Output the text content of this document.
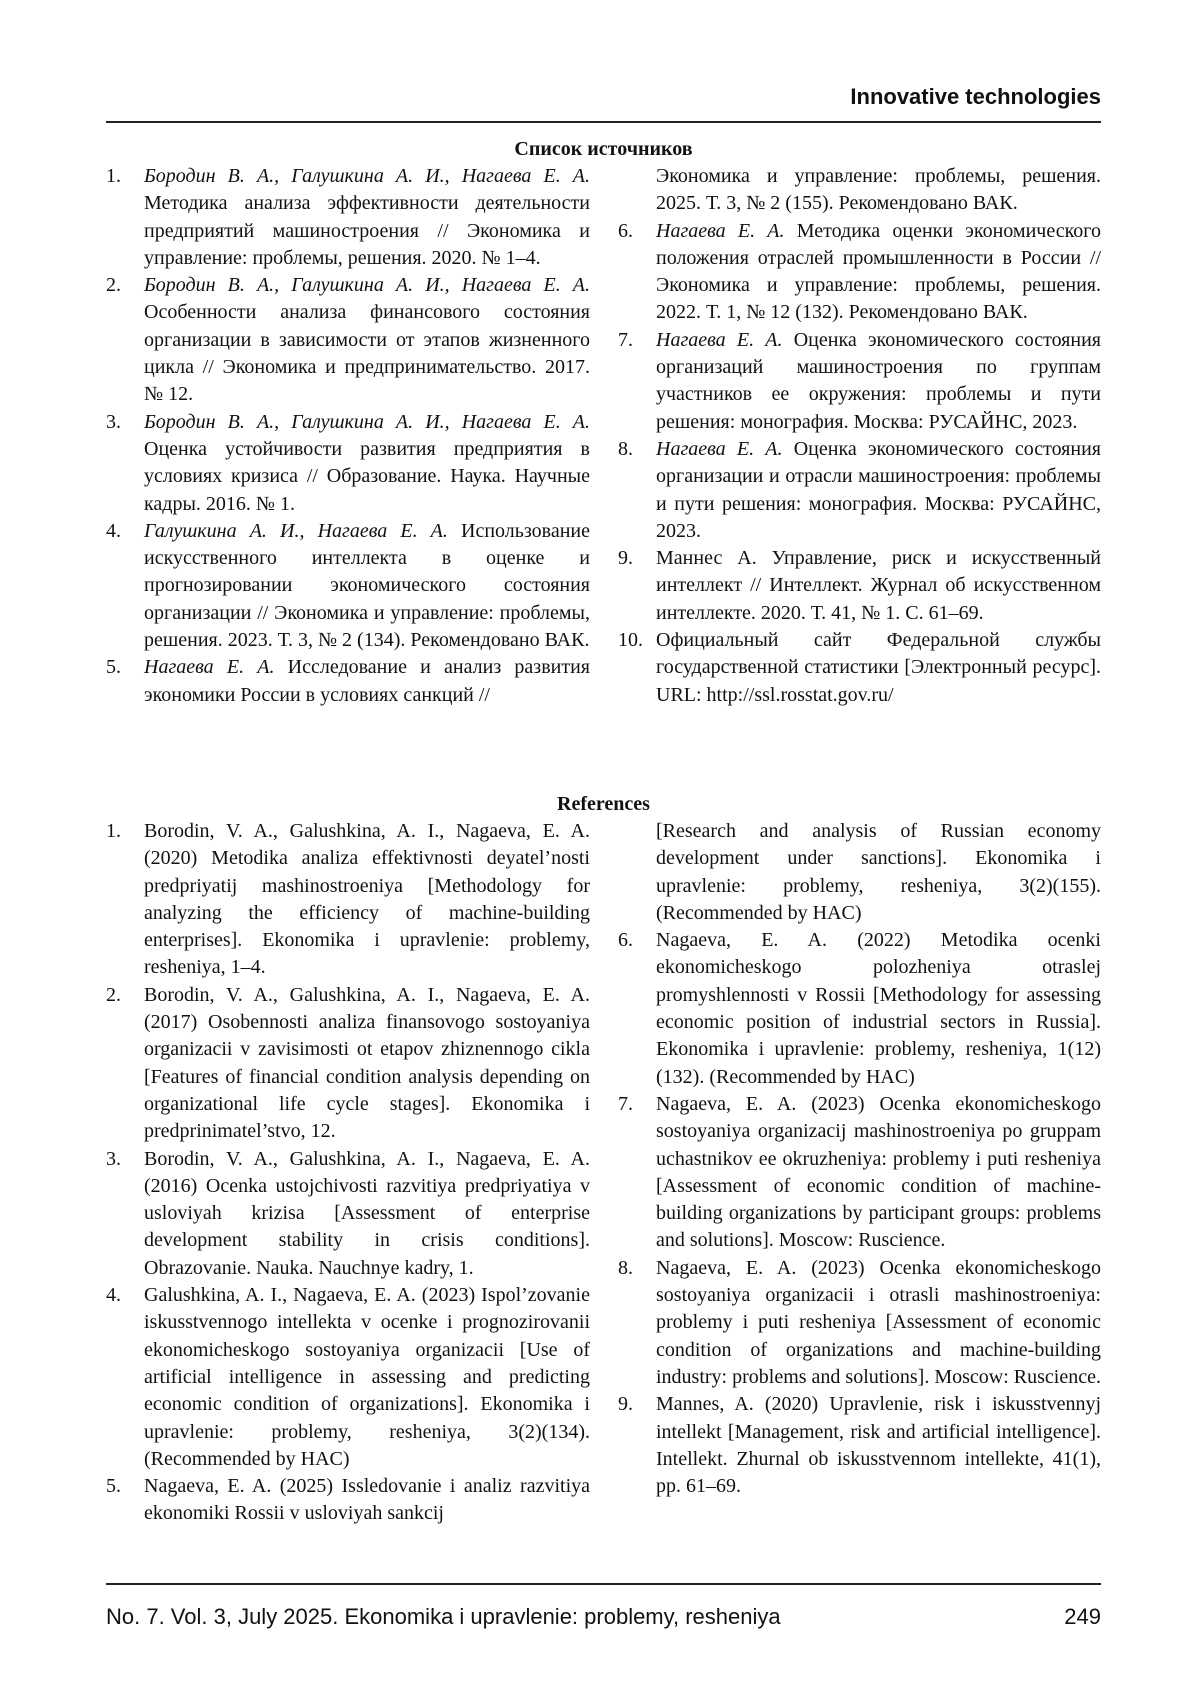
Innovative technologies
Список источников
1. Бородин В. А., Галушкина А. И., Нагаева Е. А. Методика анализа эффективности деятельности предприятий машиностроения // Экономика и управление: проблемы, решения. 2020. № 1–4.
2. Бородин В. А., Галушкина А. И., Нагаева Е. А. Особенности анализа финансового состояния организации в зависимости от этапов жизненного цикла // Экономика и предпринимательство. 2017. № 12.
3. Бородин В. А., Галушкина А. И., Нагаева Е. А. Оценка устойчивости развития предприятия в условиях кризиса // Образование. Наука. Научные кадры. 2016. № 1.
4. Галушкина А. И., Нагаева Е. А. Использование искусственного интеллекта в оценке и прогнозировании экономического состояния организации // Экономика и управление: проблемы, решения. 2023. Т. 3, № 2 (134). Рекомендовано ВАК.
5. Нагаева Е. А. Исследование и анализ развития экономики России в условиях санкций //
Экономика и управление: проблемы, решения. 2025. Т. 3, № 2 (155). Рекомендовано ВАК.
6. Нагаева Е. А. Методика оценки экономического положения отраслей промышленности в России // Экономика и управление: проблемы, решения. 2022. Т. 1, № 12 (132). Рекомендовано ВАК.
7. Нагаева Е. А. Оценка экономического состояния организаций машиностроения по группам участников ее окружения: проблемы и пути решения: монография. Москва: РУСАЙНС, 2023.
8. Нагаева Е. А. Оценка экономического состояния организации и отрасли машиностроения: проблемы и пути решения: монография. Москва: РУСАЙНС, 2023.
9. Маннес А. Управление, риск и искусственный интеллект // Интеллект. Журнал об искусственном интеллекте. 2020. Т. 41, № 1. С. 61–69.
10. Официальный сайт Федеральной службы государственной статистики [Электронный ресурс]. URL: http://ssl.rosstat.gov.ru/
References
1. Borodin, V. A., Galushkina, A. I., Nagaeva, E. A. (2020) Metodika analiza effektivnosti deyatel’nosti predpriyatij mashinostroeniya [Methodology for analyzing the efficiency of machine-building enterprises]. Ekonomika i upravlenie: problemy, resheniya, 1–4.
2. Borodin, V. A., Galushkina, A. I., Nagaeva, E. A. (2017) Osobennosti analiza finansovogo sostoyaniya organizacii v zavisimosti ot etapov zhiznennogo cikla [Features of financial condition analysis depending on organizational life cycle stages]. Ekonomika i predprinimatel’stvo, 12.
3. Borodin, V. A., Galushkina, A. I., Nagaeva, E. A. (2016) Ocenka ustojchivosti razvitiya predpriyatiya v usloviyah krizisa [Assessment of enterprise development stability in crisis conditions]. Obrazovanie. Nauka. Nauchnye kadry, 1.
4. Galushkina, A. I., Nagaeva, E. A. (2023) Ispol’zovanie iskusstvennogo intellekta v ocenke i prognozirovanii ekonomicheskogo sostoyaniya organizacii [Use of artificial intelligence in assessing and predicting economic condition of organizations]. Ekonomika i upravlenie: problemy, resheniya, 3(2)(134). (Recommended by HAC)
5. Nagaeva, E. A. (2025) Issledovanie i analiz razvitiya ekonomiki Rossii v usloviyah sankcij
[Research and analysis of Russian economy development under sanctions]. Ekonomika i upravlenie: problemy, resheniya, 3(2)(155). (Recommended by HAC)
6. Nagaeva, E. A. (2022) Metodika ocenki ekonomicheskogo polozheniya otraslej promyshlennosti v Rossii [Methodology for assessing economic position of industrial sectors in Russia]. Ekonomika i upravlenie: problemy, resheniya, 1(12)(132). (Recommended by HAC)
7. Nagaeva, E. A. (2023) Ocenka ekonomicheskogo sostoyaniya organizacij mashinostroeniya po gruppam uchastnikov ee okruzheniya: problemy i puti resheniya [Assessment of economic condition of machine-building organizations by participant groups: problems and solutions]. Moscow: Ruscience.
8. Nagaeva, E. A. (2023) Ocenka ekonomicheskogo sostoyaniya organizacii i otrasli mashinostroeniya: problemy i puti resheniya [Assessment of economic condition of organizations and machine-building industry: problems and solutions]. Moscow: Ruscience.
9. Mannes, A. (2020) Upravlenie, risk i iskusstvennyj intellekt [Management, risk and artificial intelligence]. Intellekt. Zhurnal ob iskusstvennom intellekte, 41(1), pp. 61–69.
No. 7. Vol. 3, July 2025. Ekonomika i upravlenie: problemy, resheniya	249
